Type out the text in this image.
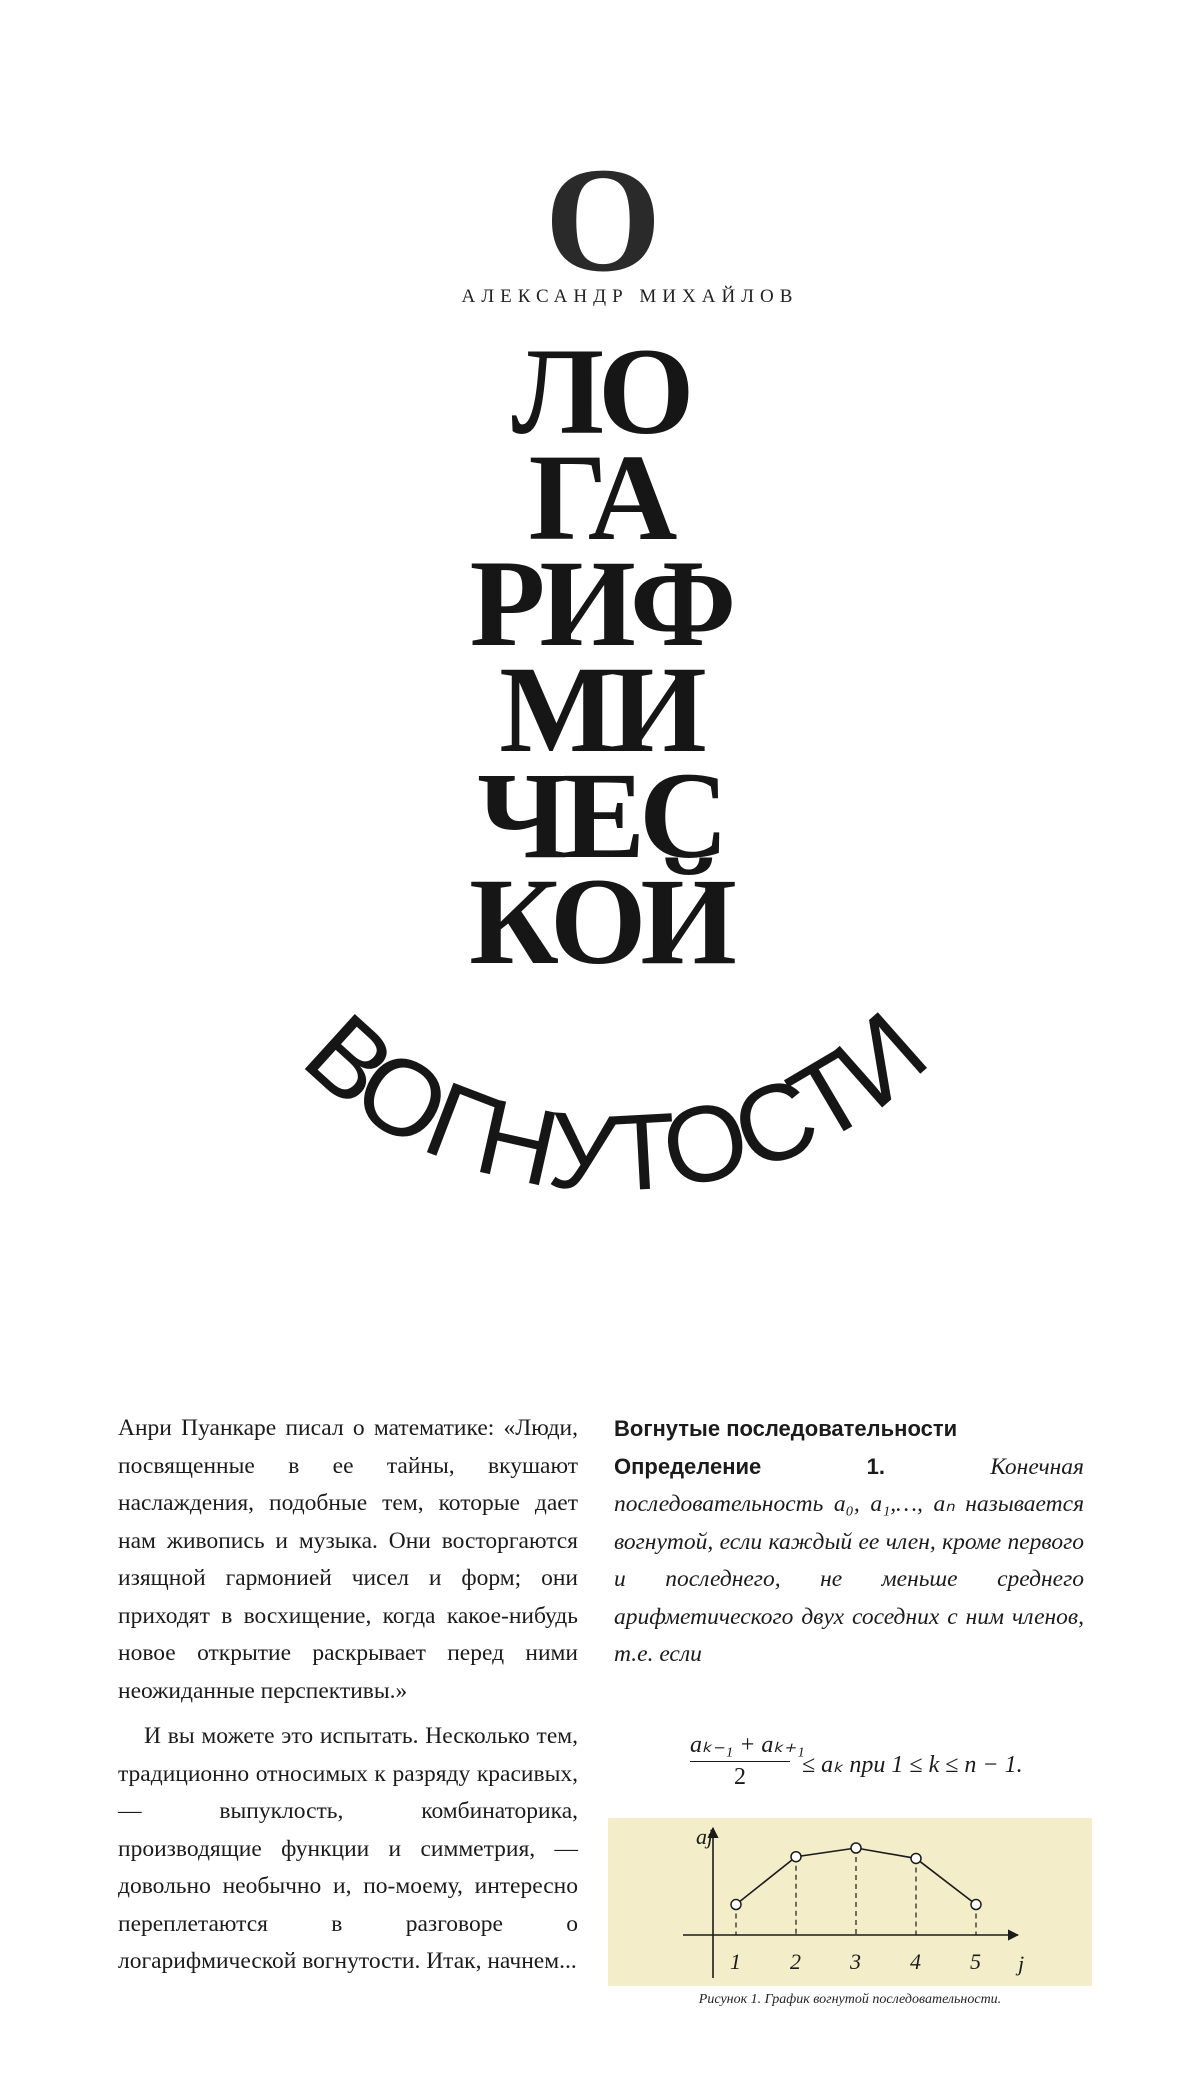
О
АЛЕКСАНДР МИХАЙЛОВ
ЛО
ГА
РИФ
МИ
ЧЕС
КОЙ
ВОГНУТОСТИ

Анри Пуанкаре писал о математике: «Люди, посвященные в ее тайны, вкушают наслаждения, подобные тем, которые дает нам живопись и музыка. Они восторгаются изящной гармонией чисел и форм; они приходят в восхищение, когда какое-нибудь новое открытие раскрывает перед ними неожиданные перспективы.»

И вы можете это испытать. Несколько тем, традиционно относимых к разряду красивых, — выпуклость, комбинаторика, производящие функции и симметрия, — довольно необычно и, по-моему, интересно переплетаются в разговоре о логарифмической вогнутости. Итак, начнем...

Вогнутые последовательности
Определение 1.	Конечная последовательность a₀, a₁,…, aₙ называется вогнутой, если каждый ее член, кроме первого и последнего, не меньше среднего арифметического двух соседних с ним членов, т.е. если
$\frac{\text{aₖ₋₁ + aₖ₊₁}}{2} \le a_k$ при 1 ≤ k ≤ n − 1.
aj
j
1 2 3 4 5
Рисунок 1. График вогнутой последовательности.
